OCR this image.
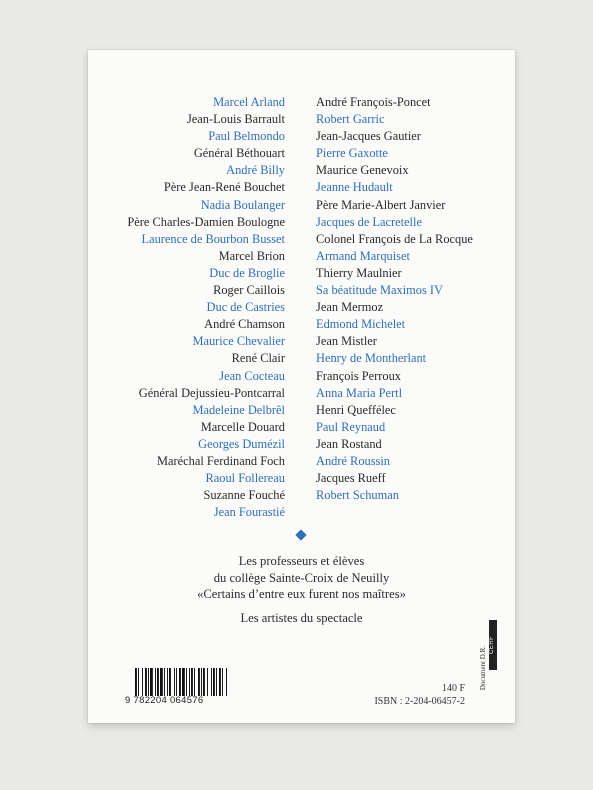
Marcel Arland
Jean-Louis Barrault
Paul Belmondo
Général Béthouart
André Billy
Père Jean-René Bouchet
Nadia Boulanger
Père Charles-Damien Boulogne
Laurence de Bourbon Busset
Marcel Brion
Duc de Broglie
Roger Caillois
Duc de Castries
André Chamson
Maurice Chevalier
René Clair
Jean Cocteau
Général Dejussieu-Pontcarral
Madeleine Delbrêl
Marcelle Douard
Georges Dumézil
Maréchal Ferdinand Foch
Raoul Follereau
Suzanne Fouché
Jean Fourastié
André François-Poncet
Robert Garric
Jean-Jacques Gautier
Pierre Gaxotte
Maurice Genevoix
Jeanne Hudault
Père Marie-Albert Janvier
Jacques de Lacretelle
Colonel François de La Rocque
Armand Marquiset
Thierry Maulnier
Sa béatitude Maximos IV
Jean Mermoz
Edmond Michelet
Jean Mistler
Henry de Montherlant
François Perroux
Anna Maria Pertl
Henri Queffélec
Paul Reynaud
Jean Rostand
André Roussin
Jacques Rueff
Robert Schuman
Les professeurs et élèves
du collège Sainte-Croix de Neuilly
«Certains d’entre eux furent nos maîtres»
Les artistes du spectacle
9 782204 064576
140 F
ISBN : 2-204-06457-2
Document D.R.
CERF
